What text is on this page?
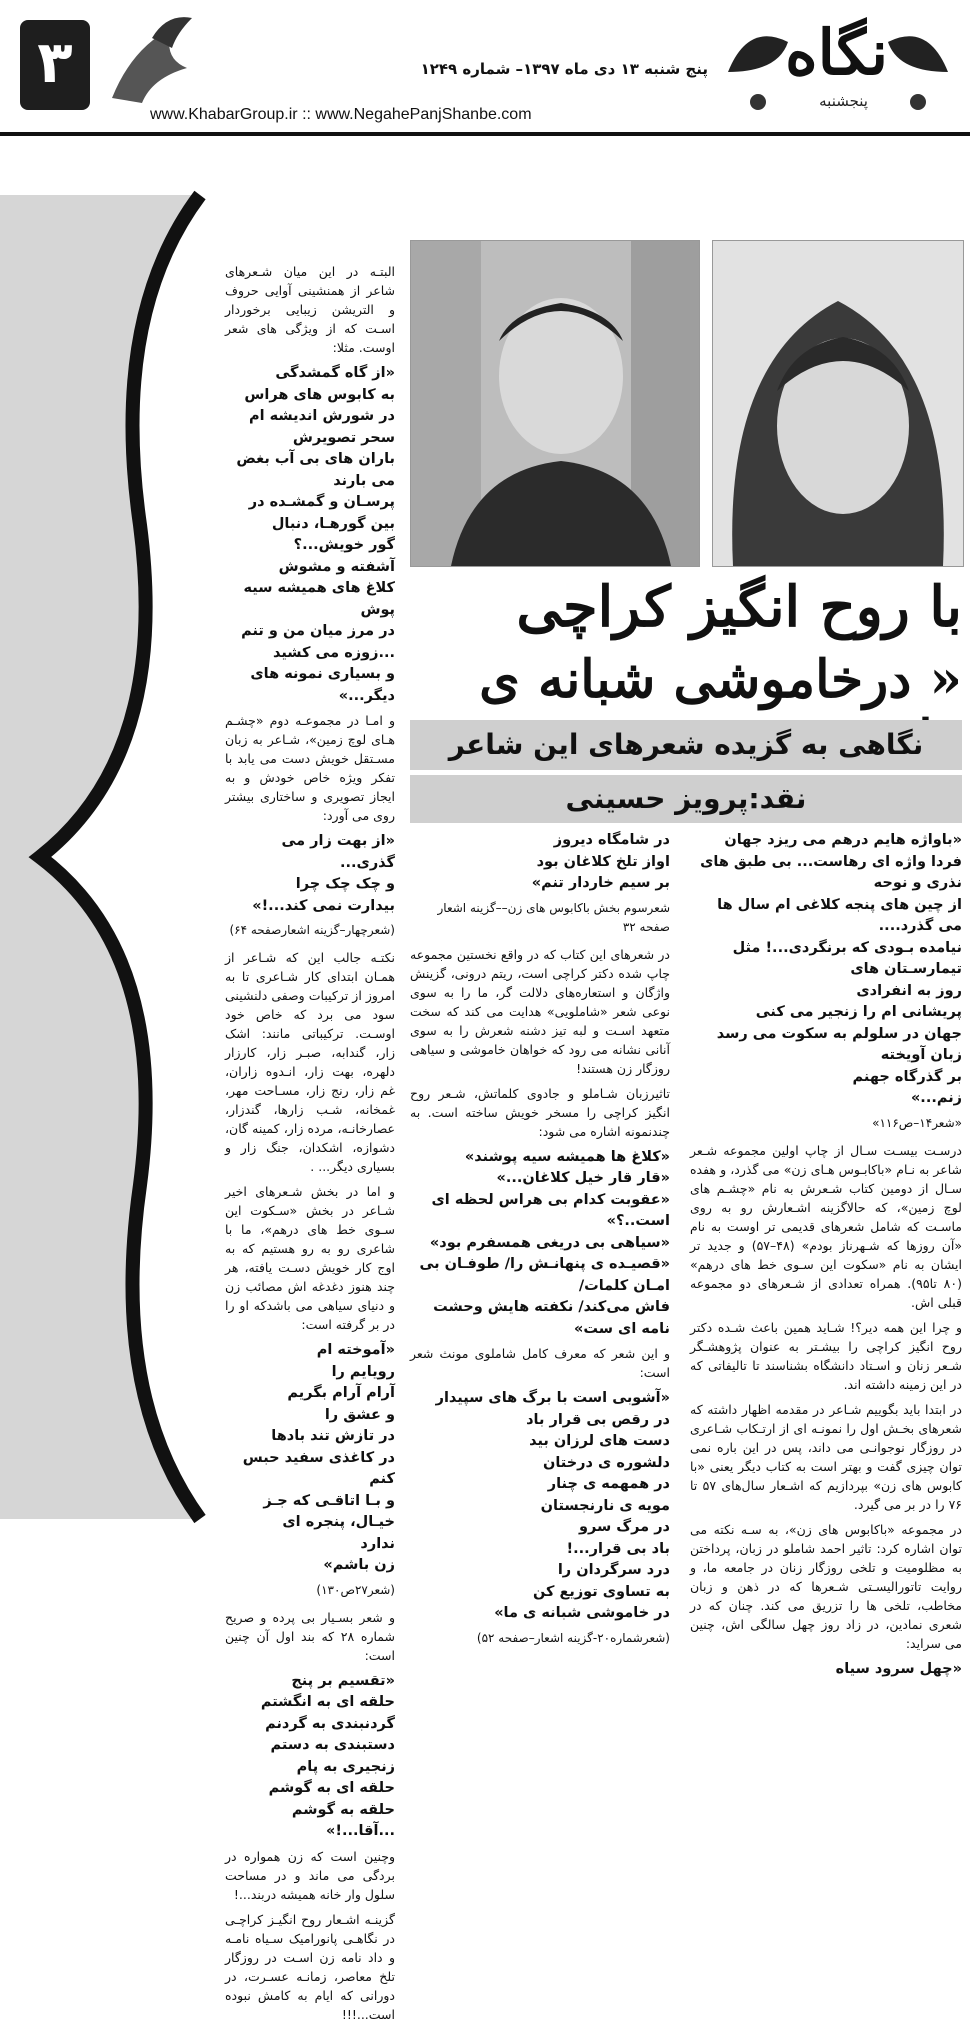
نگاه
پنجشنبه
پنج شنبه ۱۳ دی ماه ۱۳۹۷– شماره ۱۲۴۹
www.KhabarGroup.ir :: www.NegahePanjShanbe.com
۳
با روح انگیز کراچی
« درخاموشی شبانه ی
نگاهی به گزیده شعرهای این شاعر
نقد:پرویز حسینی

البتـه در این میان شـعرهای شاعر از همنشینی آوایی حروف و التریشن زیبایی برخوردار اسـت که از ویژگی های شعر اوست. مثلا:

«از گاه گمشدگی
به کابوس های هراس
در شورش اندیشه ام سحر تصویرش
باران های بی آب بغض می بارند
پرسـان و گمشـده در بین گورهـا، دنبال
گور خویش...؟
آشفته و مشوش
کلاغ های همیشه سیه پوش
در مرز میان من و تنم ...زوزه می کشید
و بسیاری نمونه های دیگر...»

و امـا در مجموعـه دوم «چشـم هـای لوچ زمین»، شـاعر به زبان مسـتقل خویش دست می یابد با تفکر ویژه خاص خودش و به ایجاز تصویری و ساختاری بیشتر روی می آورد:

«از بهت زار می گذری...
و چک چک چرا
بیدارت نمی کند...!»
(شعرچهار–گزینه اشعارصفحه ۶۴)

نکتـه جالب این که شـاعر از همـان ابتدای کار شـاعری تا به امروز از ترکیبات وصفی دلنشینی سود می برد که خاص خود اوسـت. ترکیباتی مانند: اشک زار، گندابه، صبـر زار، کارزار دلهره، بهت زار، انـدوه زاران، غم زار، رنج زار، مسـاحت مهر، غمخانه، شـب زارها، گندزار، عصارخانـه، مرده زار، کمینه گان، دشوازه، اشکدان، جنگ زار و بسیاری دیگر... .

و اما در بخش شـعرهای اخیر شـاعر در بخش «سـکوت این سـوی خط های درهم»، ما با شاعری رو به رو هستیم که به اوج کار خویش دسـت یافته، هر چند هنوز دغدغه اش مصائب زن و دنیای سیاهی می باشدکه او را در بر گرفته است:

«آموخته ام
رویایم را
آرام آرام بگریم
و عشق را
در تازش تند بادها
در کاغذی سفید حبس کنم
و بـا اتاقـی که جـز خیـال، پنجره ای
ندارد
زن باشم»
(شعر۲۷ص۱۳۰)

و شعر بسـیار بی پرده و صریح شماره ۲۸ که بند اول آن چنین است:

«تقسیم بر پنج
حلقه ای به انگشتم
گردنبندی به گردنم
دستبندی به دستم
زنجیری به پام
حلقه ای به گوشم
حلقه به گوشم ...آقا...!»

وچنین است که زن همواره در بردگی می ماند و در مساحت سلول وار خانه همیشه دربند...!

گزینـه اشـعار روح انگیـز کراچـی در نگاهـی پانوراميک سـياه نامـه و داد نامه زن اسـت در روزگار تلخ معاصر، زمانـه عسـرت، در دورانی که ايام به کامش نبوده است...!!!

در شامگاه دیروز
اواز تلخ کلاغان بود
بر سیم خاردار تنم»
شعرسوم بخش باکابوس های زن––گزینه اشعار صفحه ۳۲

در شعرهای این کتاب که در واقع نخستین مجموعه چاپ شده دکتر کراچی است، ریتم درونی، گزینش واژگان و استعاره‌های دلالت گر، ما را به سوی نوعی شعر «شاملویی» هدایت می کند که سخت متعهد اسـت و لبه تیز دشنه شعرش را به سوی آنانی نشانه می رود که خواهان خاموشی و سیاهی روزگار زن هستند!

تاثیرزبان شـاملو و جادوی کلماتش، شـعر روح انگیز کراچی را مسخر خویش ساخته است. به چندنمونه اشاره می شود:

«کلاغ ها همیشه سیه پوشند»
«قار قار خیل کلاغان...»
«عقوبت کدام بی هراس لحظه ای است..؟»
«سیاهی بی دریغی همسفرم بود»
«قصیـده ی پنهانـش را/ طوفـان بی امـان کلمات/
فاش می‌کند/ نکفته هایش وحشت نامه ای ست»

و این شعر که معرف کامل شاملوی مونث شعر است:

«آشوبی است با برگ های سپیدار
در رقص بی قرار باد
دست های لرزان بید
دلشوره ی درختان
در همهمه ی چنار
مویه ی نارنجستان
در مرگ سرو
باد بی قرار...!
درد سرگردان را
به تساوی توزیع کن
در خاموشی شبانه ی ما»
(شعرشماره۲۰-گزینه اشعار–صفحه ۵۲)
«باواژه هایم درهم می ریزد جهان
فردا واژه ای رهاست... بی طبق های نذری و نوحه
از چین های پنجه کلاغی ام سال ها می گذرد....
نیامده بـودی که برنگردی...! مثل تیمارسـتان های
روز به انفرادی
پریشانی ام را زنجیر می کنی
جهان در سلولم به سکوت می رسد
زبان آویخته
بر گذرگاه جهنم
زنم...»
«شعر۱۴–ص۱۱۶»

درسـت بیسـت سـال از چاپ اولین مجموعه شـعر شاعر به نـام «باکابـوس هـای زن» می گذرد، و هفده سـال از دومین کتاب شـعرش به نام «چشـم های لوچ زمین»، که حالاگزینه اشـعارش رو به روی ماسـت که شامل شعرهای قدیمی تر اوست به نام «آن روزها که شـهرناز بودم» (۴۸–۵۷) و جدید تر ایشان به نام «سکوت این سـوی خط های درهم» (۸۰ تا۹۵). همراه تعدادی از شـعرهای دو مجموعه قبلی اش.

و چرا این همه دیر؟! شـاید همین باعث شـده دکتر روح انگیز کراچی را بیشـتر به عنوان پژوهشـگر شـعر زنان و اسـتاد دانشگاه بشناسند تا تالیفاتی که در این زمینه داشته اند.

در ابتدا باید بگوییم شـاعر در مقدمه اظهار داشته که شعرهای بخـش اول را نمونـه ای از ارتـکاب شـاعری در روزگار نوجوانـی می داند، پس در این باره نمی توان چیزی گفت و بهتر است به کتاب دیگر یعنی «با کابوس های زن» بپردازیم که اشـعار سال‌های ۵۷ تا ۷۶ را در بر می گیرد.

در مجموعه «باکابوس های زن»، به سـه نکته می توان اشاره کرد: تاثیر احمد شاملو در زبان، پرداختن به مظلومیت و تلخی روزگار زنان در جامعه ما، و روایت تاتورالیسـتی شـعرها که در ذهن و زبان مخاطب، تلخی ها را تزریق می کند. چنان که در شعری نمادین، در زاد روز چهل سالگی اش، چنین می سراید:

«چهل سرود سیاه
